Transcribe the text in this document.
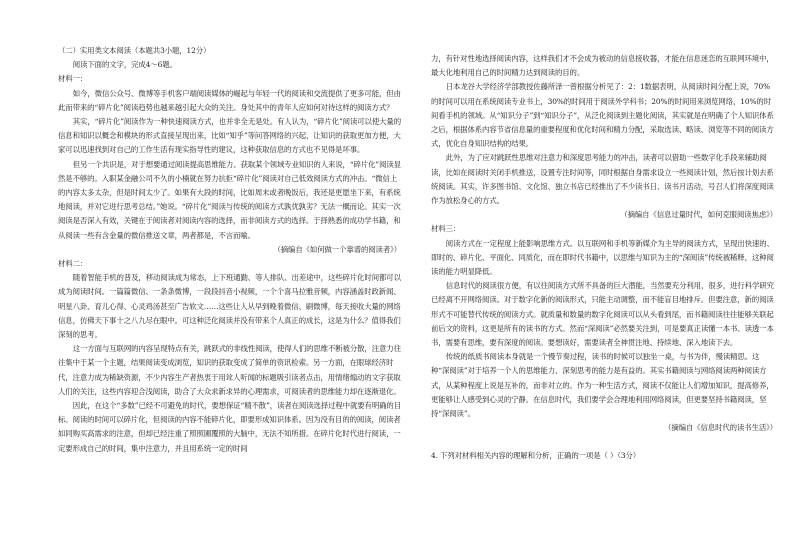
（二）实用类文本阅读（本题共3小题，12分）

阅读下面的文字，完成4～6题。

材料一：

如今，微信公众号、微博等手机客户端阅读媒体的崛起与年轻一代的阅读和交流提供了更多可能，但由此而带来的“碎片化”阅读趋势也越来越引起大众的关注。身处其中的青年人应如何对待这样的阅读方式？

其实，“碎片化”阅读作为一种快速阅读方式，也并非全无是处。有人认为，“碎片化”阅读可以使大量的信息和知识以概念和模块的形式直接呈现出来，比如“知乎”等问答网络的兴起，让知识的获取更加方便，大家可以迅速找到对自己的工作生活有现实指导性的建议，这种获取信息的方式也不见得是坏事。

但另一个共识是，对于想要通过阅读提高思维能力、获取某个领域专业知识的人来说，“碎片化”阅读显然是不够的。入职某金融公司不久的小楠就在努力抗拒“碎片化”阅读对自己低效阅读方式的冲击。“微信上的内容太多太杂，但是时间太少了。如果有大段的时间，比如周末或者晚饭后，我还是更愿坐下来，有系统地阅读，并对它进行思考总结。”她说。“碎片化”阅读与传统的阅读方式孰优孰劣？无法一概而论。其实一次阅读是否深入有效，关键在于阅读者对阅读内容的选择，而非阅读方式的选择。于择熟悉的成功学书籍，和从阅读一些有含金量的微信推送文章，两者都是，不言而喻。

（摘编自《如何做一个靠谱的阅读者》）

材料二：

随着智能手机的普及，移动阅读成为常态，上下班通勤、等人排队、出差途中，这些碎片化时间都可以成为阅读时间。一篇篇微信、一条条微博，一段段抖音小视频，一个个喜马拉雅音频，内容涵盖时政新闻、明星八卦、育儿心得、心灵鸡汤甚至广告软文……这些让人从早到晚着微信、刷微博，每天接收大量的网络信息，仿佛天下事十之八九尽在眼中。可这种泛化阅读并没有带来个人真正的成长，这是为什么？值得我们深刻的思考。

这一方面与互联网的内容呈现特点有关，跳跃式的非线性阅读，使得人们的思维不断被分散，注意力往往集中于某一个主题，结果阅读变成浏览，知识的获取变成了简单的资讯检索。另一方面，在眼球经济时代，注意力成为稀缺资源，不少内容生产者热衷于用耸人听闻的标题吸引读者点击，用情绪煽动的文字获取人们的关注，这些内容迎合浅阅读，助合了大众求新求异的心理需求，可阅读者的思维能力却在逐渐退化。

因此，在这个“多数”已经不可避免的时代，要想保证“精不散”，读者在阅读选择过程中就要有明确的目标。阅读的时间可以碎片化，但阅读的内容不能碎片化，即要形成知识体系。因为没有目的的阅读，阅读者如同购买高需求的注意，但却已经注重了照照圃覆照的大脑中，无法不知所措。在碎片化时代进行阅读，一定要形成自己的时间，集中注意力，并且用系统一定的时间

力，有针对性地选择阅读内容，这样我们才不会成为被动的信息接收器，才能在信息迷恋的互联网环境中，最大化地利用自己的时间精力达到阅读的目的。

日本龙谷大学经济学部教授佐藤所泽一曾根据分析见了：2：1数据表明，从阅读时间分配上说，70%的时间可以用在系统阅读专业书上，30%的时间用于阅读外学科书；20%的时间用来浏览网络，10%的时间看手机的领域。从“知识分子”到“知识分子”，从泛化阅读到主题化阅读，其实就是在明确了个人知识体系之后，根据体系内容节省信息量的重要程度和优化时间和精力分配，采取选读、略读、浏览等不同的阅读方式，优化自身知识结构的结果。

此外，为了应对跳跃性思维对注意力和深度思考能力的冲击，读者可以借助一些数字化手段来辅助阅读，比如在阅读时关闭手机推送，设置专注时间等，同时根据自身需求设立一些阅读计划，然后按计划去系统阅读。其实，许多图书馆、文化馆、独立书店已经推出了不少读书日、读书月活动，号召人们将深度阅读作为放松身心的方式。

（摘编自《信息过量时代，如何克服阅读焦虑》）

材料三：

阅读方式在一定程度上能影响思维方式。以互联网和手机等新媒介为主导的阅读方式，呈现出快速的、即时的、碎片化、平面化、同质化，而在即时代书籍中，以思维与知识为主的“深阅读”传统被稀释，这种阅读的能力明显降低。

信息时代的阅读很方便，有以往阅读方式所不具备的巨大潜能，当然要充分利用，很多，进行科学研究已经离不开网络阅读。对于数字化新的阅读形式，只能主动调整，而不能盲目地排斥。但要注意，新的阅读形式不可能替代传统的阅读方式。就质量和数量的数字化阅读可以从头看到尾，而书籍阅读往往能够关联起前后文的资料，这更是所有的读书的方式。然而“深阅读”必然要关注到，可是要真正读懂一本书、读透一本书，需要有思维，要有深度的阅读。要想读好，需要读者全神贯注地、持续地、深入地读下去。

传统的纸质书阅读本身就是一个慢节奏过程，读书的时候可以独坐一桌，与书为伴，慢读精思。这种“深阅读”对于培养一个人的思维能力、深刻思考的能力是有益的。其实书籍阅读与网络阅读两种阅读方式，从某种程度上说是互补的，而非对立的。作为一种生活方式，阅读不仅能让人们增加知识，提高修养，更能够让人感受到心灵的宁静。在信息时代，我们要学会合理地利用网络阅读，但更要坚持书籍阅读，坚持“深阅读”。

（摘编自《信息时代的读书生活》）

4. 下列对材料相关内容的理解和分析，正确的一项是（ ）（3分）
